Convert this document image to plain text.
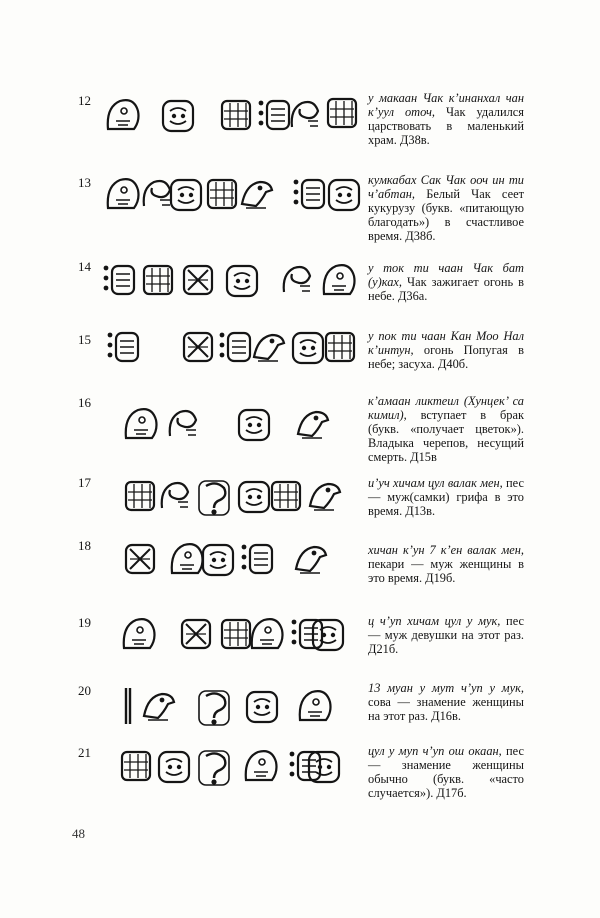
12	у макаан Чак к’инанхал чан к’уул оточ, Чак удалился царствовать в маленький храм. Д38в.
13	кумкабах Сак Чак ооч ин ти ч’абтан, Белый Чак сеет кукурузу (букв. «питающую благодать») в счастливое время. Д38б.
14	у ток ти чаан Чак бат (у)ках, Чак зажигает огонь в небе. Д36а.
15	у пок ти чаан Кан Моо Нал к’интун, огонь Попугая в небе; засуха. Д40б.
16	к’амаан ликтеил (Хунцек’ са кимил), вступает в брак (букв. «получает цветок»). Владыка черепов, несущий смерть. Д15в
17	и’уч хичам цул валак мен, пес — муж(самки) грифа в это время. Д13в.
18	хичан к’ун 7 к’ен валак мен, пекари — муж женщины в это время. Д19б.
19	ц ч’уп хичам цул у мук, пес — муж девушки на этот раз. Д21б.
20	13 муан у мут ч’уп у мук, сова — знамение женщины на этот раз. Д16в.
21	цул у муп ч’уп ош окаан, пес — знамение женщины обычно (букв. «часто случается»). Д17б.
48
